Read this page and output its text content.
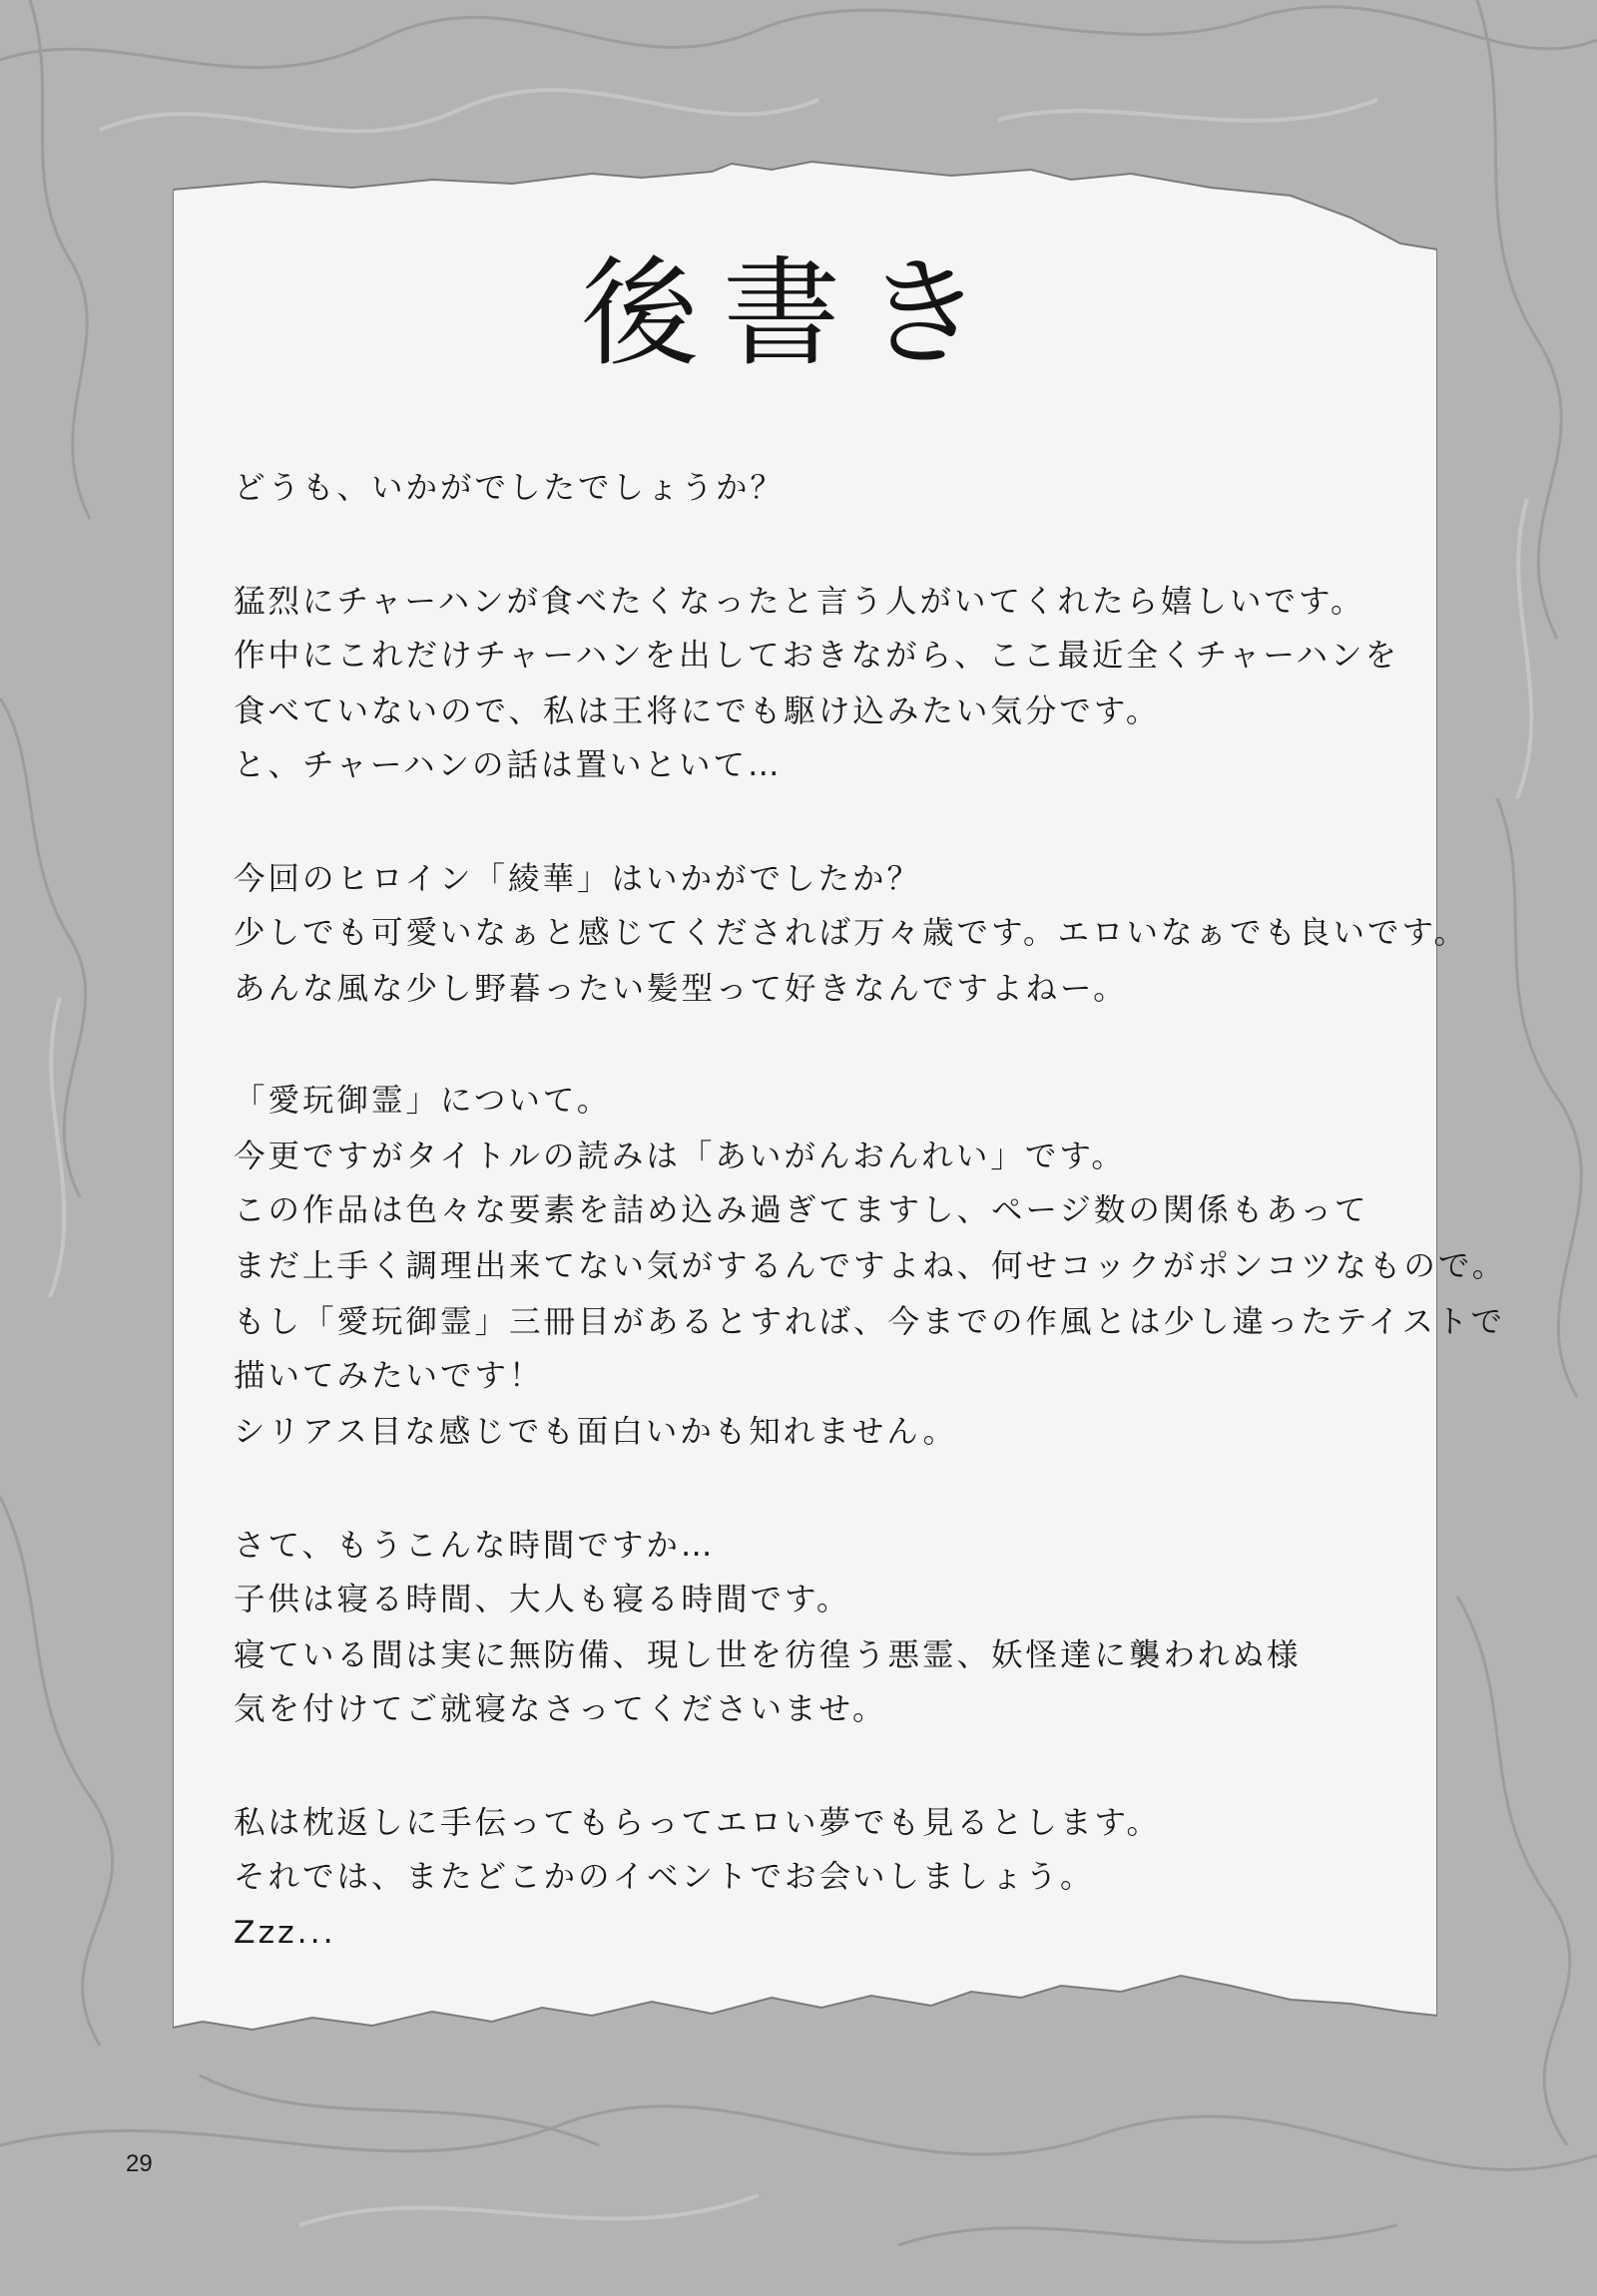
後書き
どうも、いかがでしたでしょうか？
猛烈にチャーハンが食べたくなったと言う人がいてくれたら嬉しいです。
作中にこれだけチャーハンを出しておきながら、ここ最近全くチャーハンを
食べていないので、私は王将にでも駆け込みたい気分です。
と、チャーハンの話は置いといて…
今回のヒロイン「綾華」はいかがでしたか？
少しでも可愛いなぁと感じてくだされば万々歳です。エロいなぁでも良いです。
あんな風な少し野暮ったい髪型って好きなんですよねー。
「愛玩御霊」について。
今更ですがタイトルの読みは「あいがんおんれい」です。
この作品は色々な要素を詰め込み過ぎてますし、ページ数の関係もあって
まだ上手く調理出来てない気がするんですよね、何せコックがポンコツなもので。
もし「愛玩御霊」三冊目があるとすれば、今までの作風とは少し違ったテイストで
描いてみたいです！
シリアス目な感じでも面白いかも知れません。
さて、もうこんな時間ですか…
子供は寝る時間、大人も寝る時間です。
寝ている間は実に無防備、現し世を彷徨う悪霊、妖怪達に襲われぬ様
気を付けてご就寝なさってくださいませ。
私は枕返しに手伝ってもらってエロい夢でも見るとします。
それでは、またどこかのイベントでお会いしましょう。
Zzz...
29
